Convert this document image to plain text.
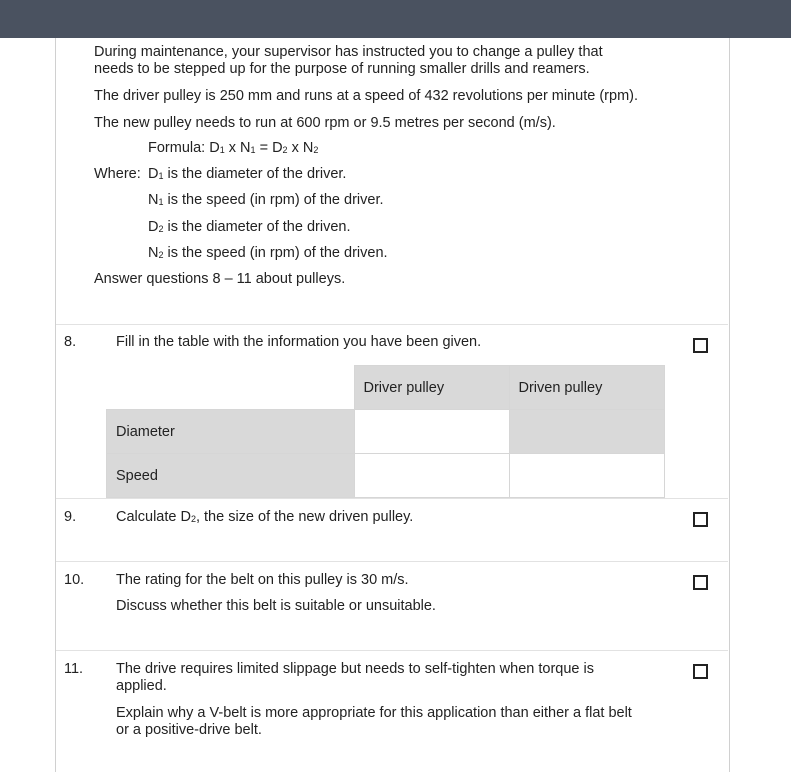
During maintenance, your supervisor has instructed you to change a pulley that

needs to be stepped up for the purpose of running smaller drills and reamers.

The driver pulley is 250 mm and runs at a speed of 432 revolutions per minute (rpm).

The new pulley needs to run at 600 rpm or 9.5 metres per second (m/s).

Formula: D1 x N1 = D2 x N2

Where: D1 is the diameter of the driver.

N1 is the speed (in rpm) of the driver.

D2 is the diameter of the driven.

N2 is the speed (in rpm) of the driven.

Answer questions 8 – 11 about pulleys.

8.	Fill in the table with the information you have been given.

	Driver pulley	Driven pulley
Diameter		
Speed		
9.	Calculate D2, the size of the new driven pulley.

10. The rating for the belt on this pulley is 30 m/s.

Discuss whether this belt is suitable or unsuitable.

11. The drive requires limited slippage but needs to self-tighten when torque is

applied.

Explain why a V-belt is more appropriate for this application than either a flat belt

or a positive-drive belt.
